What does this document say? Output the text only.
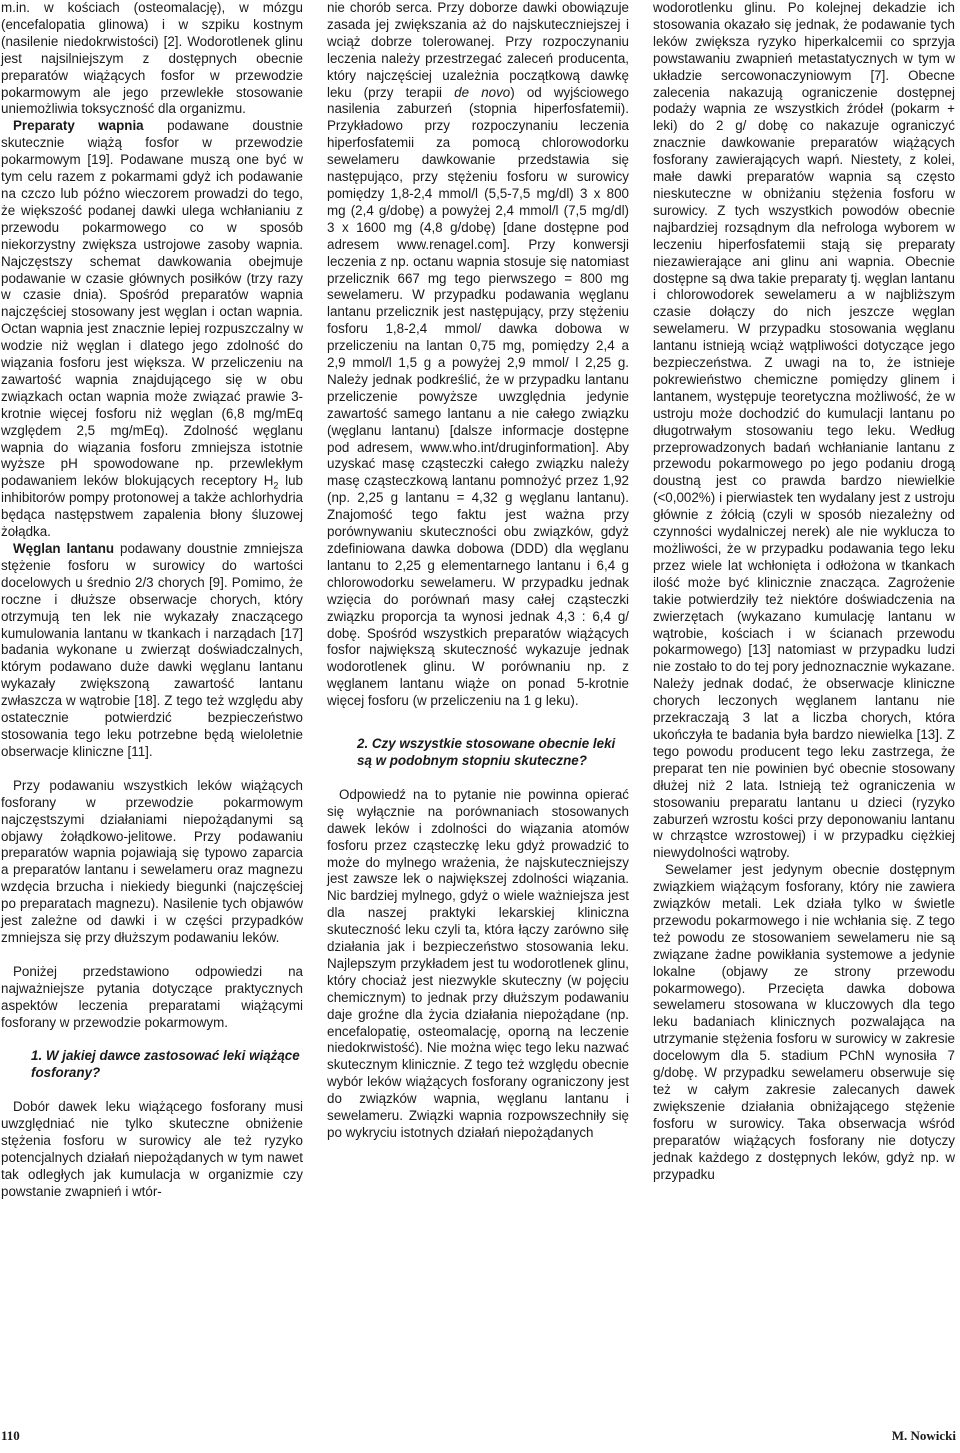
m.in. w kościach (osteomalację), w mózgu (encefalopatia glinowa) i w szpiku kostnym (nasilenie niedokrwistości) [2]. Wodorotlenek glinu jest najsilniejszym z dostępnych obecnie preparatów wiążących fosfor w przewodzie pokarmowym ale jego przewlekłe stosowanie uniemożliwia toksyczność dla organizmu.

Preparaty wapnia podawane doustnie skutecznie wiążą fosfor w przewodzie pokarmowym [19]. Podawane muszą one być w tym celu razem z pokarmami gdyż ich podawanie na czczo lub późno wieczorem prowadzi do tego, że większość podanej dawki ulega wchłanianiu z przewodu pokarmowego co w sposób niekorzystny zwiększa ustrojowe zasoby wapnia. Najczęstszy schemat dawkowania obejmuje podawanie w czasie głównych posiłków (trzy razy w czasie dnia). Spośród preparatów wapnia najczęściej stosowany jest węglan i octan wapnia. Octan wapnia jest znacznie lepiej rozpuszczalny w wodzie niż węglan i dlatego jego zdolność do wiązania fosforu jest większa. W przeliczeniu na zawartość wapnia znajdującego się w obu związkach octan wapnia może związać prawie 3-krotnie więcej fosforu niż węglan (6,8 mg/mEq względem 2,5 mg/mEq). Zdolność węglanu wapnia do wiązania fosforu zmniejsza istotnie wyższe pH spowodowane np. przewlekłym podawaniem leków blokujących receptory $H_2$ lub inhibitorów pompy protonowej a także achlorhydria będąca następstwem zapalenia błony śluzowej żołądka.

Węglan lantanu podawany doustnie zmniejsza stężenie fosforu w surowicy do wartości docelowych u średnio 2/3 chorych [9]. Pomimo, że roczne i dłuższe obserwacje chorych, który otrzymują ten lek nie wykazały znaczącego kumulowania lantanu w tkankach i narządach [17] badania wykonane u zwierząt doświadczalnych, którym podawano duże dawki węglanu lantanu wykazały zwiększoną zawartość lantanu zwłaszcza w wątrobie [18]. Z tego też względu aby ostatecznie potwierdzić bezpieczeństwo stosowania tego leku potrzebne będą wieloletnie obserwacje kliniczne [11].

Przy podawaniu wszystkich leków wiążących fosforany w przewodzie pokarmowym najczęstszymi działaniami niepożądanymi są objawy żołądkowo-jelitowe. Przy podawaniu preparatów wapnia pojawiają się typowo zaparcia a preparatów lantanu i sewelameru oraz magnezu wzdęcia brzucha i niekiedy biegunki (najczęściej po preparatach magnezu). Nasilenie tych objawów jest zależne od dawki i w części przypadków zmniejsza się przy dłuższym podawaniu leków.

Poniżej przedstawiono odpowiedzi na najważniejsze pytania dotyczące praktycznych aspektów leczenia preparatami wiążącymi fosforany w przewodzie pokarmowym.

1. W jakiej dawce zastosować leki wiążące fosforany?

Dobór dawek leku wiążącego fosforany musi uwzględniać nie tylko skuteczne obniżenie stężenia fosforu w surowicy ale też ryzyko potencjalnych działań niepożądanych w tym nawet tak odległych jak kumulacja w organizmie czy powstanie zwapnień i wtór-

nie chorób serca. Przy doborze dawki obowiązuje zasada jej zwiększania aż do najskuteczniejszej i wciąż dobrze tolerowanej. Przy rozpoczynaniu leczenia należy przestrzegać zaleceń producenta, który najczęściej uzależnia początkową dawkę leku (przy terapii de novo) od wyjściowego nasilenia zaburzeń (stopnia hiperfosfatemii). Przykładowo przy rozpoczynaniu leczenia hiperfosfatemii za pomocą chlorowodorku sewelameru dawkowanie przedstawia się następująco, przy stężeniu fosforu w surowicy pomiędzy 1,8-2,4 mmol/l (5,5-7,5 mg/dl) 3 x 800 mg (2,4 g/dobę) a powyżej 2,4 mmol/l (7,5 mg/dl) 3 x 1600 mg (4,8 g/dobę) [dane dostępne pod adresem www.renagel.com]. Przy konwersji leczenia z np. octanu wapnia stosuje się natomiast przelicznik 667 mg tego pierwszego = 800 mg sewelameru. W przypadku podawania węglanu lantanu przelicznik jest następujący, przy stężeniu fosforu 1,8-2,4 mmol/ dawka dobowa w przeliczeniu na lantan 0,75 mg, pomiędzy 2,4 a 2,9 mmol/l 1,5 g a powyżej 2,9 mmol/ l 2,25 g. Należy jednak podkreślić, że w przypadku lantanu przeliczenie powyższe uwzględnia jedynie zawartość samego lantanu a nie całego związku (węglanu lantanu) [dalsze informacje dostępne pod adresem, www.who.int/druginformation]. Aby uzyskać masę cząsteczki całego związku należy masę cząsteczkową lantanu pomnożyć przez 1,92 (np. 2,25 g lantanu = 4,32 g węglanu lantanu). Znajomość tego faktu jest ważna przy porównywaniu skuteczności obu związków, gdyż zdefiniowana dawka dobowa (DDD) dla węglanu lantanu to 2,25 g elementarnego lantanu i 6,4 g chlorowodorku sewelameru. W przypadku jednak wzięcia do porównań masy całej cząsteczki związku proporcja ta wynosi jednak 4,3 : 6,4 g/ dobę. Spośród wszystkich preparatów wiążących fosfor największą skuteczność wykazuje jednak wodorotlenek glinu. W porównaniu np. z węglanem lantanu wiąże on ponad 5-krotnie więcej fosforu (w przeliczeniu na 1 g leku).

2. Czy wszystkie stosowane obecnie leki są w podobnym stopniu skuteczne?

Odpowiedź na to pytanie nie powinna opierać się wyłącznie na porównaniach stosowanych dawek leków i zdolności do wiązania atomów fosforu przez cząsteczkę leku gdyż prowadzić to może do mylnego wrażenia, że najskuteczniejszy jest zawsze lek o największej zdolności wiązania. Nic bardziej mylnego, gdyż o wiele ważniejsza jest dla naszej praktyki lekarskiej kliniczna skuteczność leku czyli ta, która łączy zarówno siłę działania jak i bezpieczeństwo stosowania leku. Najlepszym przykładem jest tu wodorotlenek glinu, który chociaż jest niezwykle skuteczny (w pojęciu chemicznym) to jednak przy dłuższym podawaniu daje groźne dla życia działania niepożądane (np. encefalopatię, osteomalację, oporną na leczenie niedokrwistość). Nie można więc tego leku nazwać skutecznym klinicznie. Z tego też względu obecnie wybór leków wiążących fosforany ograniczony jest do związków wapnia, węglanu lantanu i sewelameru. Związki wapnia rozpowszechniły się po wykryciu istotnych działań niepożądanych

wodorotlenku glinu. Po kolejnej dekadzie ich stosowania okazało się jednak, że podawanie tych leków zwiększa ryzyko hiperkalcemii co sprzyja powstawaniu zwapnień metastatycznych w tym w układzie sercowonaczyniowym [7]. Obecne zalecenia nakazują ograniczenie dostępnej podaży wapnia ze wszystkich źródeł (pokarm + leki) do 2 g/ dobę co nakazuje ograniczyć znacznie dawkowanie preparatów wiążących fosforany zawierających wapń. Niestety, z kolei, małe dawki preparatów wapnia są często nieskuteczne w obniżaniu stężenia fosforu w surowicy. Z tych wszystkich powodów obecnie najbardziej rozsądnym dla nefrologa wyborem w leczeniu hiperfosfatemii stają się preparaty niezawierające ani glinu ani wapnia. Obecnie dostępne są dwa takie preparaty tj. węglan lantanu i chlorowodorek sewelameru a w najbliższym czasie dołączy do nich jeszcze węglan sewelameru. W przypadku stosowania węglanu lantanu istnieją wciąż wątpliwości dotyczące jego bezpieczeństwa. Z uwagi na to, że istnieje pokrewieństwo chemiczne pomiędzy glinem i lantanem, występuje teoretyczna możliwość, że w ustroju może dochodzić do kumulacji lantanu po długotrwałym stosowaniu tego leku. Według przeprowadzonych badań wchłanianie lantanu z przewodu pokarmowego po jego podaniu drogą doustną jest co prawda bardzo niewielkie (<0,002%) i pierwiastek ten wydalany jest z ustroju głównie z żółcią (czyli w sposób niezależny od czynności wydalniczej nerek) ale nie wyklucza to możliwości, że w przypadku podawania tego leku przez wiele lat wchłonięta i odłożona w tkankach ilość może być klinicznie znacząca. Zagrożenie takie potwierdziły też niektóre doświadczenia na zwierzętach (wykazano kumulację lantanu w wątrobie, kościach i w ścianach przewodu pokarmowego) [13] natomiast w przypadku ludzi nie zostało to do tej pory jednoznacznie wykazane. Należy jednak dodać, że obserwacje kliniczne chorych leczonych węglanem lantanu nie przekraczają 3 lat a liczba chorych, która ukończyła te badania była bardzo niewielka [13]. Z tego powodu producent tego leku zastrzega, że preparat ten nie powinien być obecnie stosowany dłużej niż 2 lata. Istnieją też ograniczenia w stosowaniu preparatu lantanu u dzieci (ryzyko zaburzeń wzrostu kości przy deponowaniu lantanu w chrząstce wzrostowej) i w przypadku ciężkiej niewydolności wątroby.

Sewelamer jest jedynym obecnie dostępnym związkiem wiążącym fosforany, który nie zawiera związków metali. Lek działa tylko w świetle przewodu pokarmowego i nie wchłania się. Z tego też powodu ze stosowaniem sewelameru nie są związane żadne powikłania systemowe a jedynie lokalne (objawy ze strony przewodu pokarmowego). Przecięta dawka dobowa sewelameru stosowana w kluczowych dla tego leku badaniach klinicznych pozwalająca na utrzymanie stężenia fosforu w surowicy w zakresie docelowym dla 5. stadium PChN wynosiła 7 g/dobę. W przypadku sewelameru obserwuje się też w całym zakresie zalecanych dawek zwiększenie działania obniżającego stężenie fosforu w surowicy. Taka obserwacja wśród preparatów wiążących fosforany nie dotyczy jednak każdego z dostępnych leków, gdyż np. w przypadku

110	M. Nowicki
